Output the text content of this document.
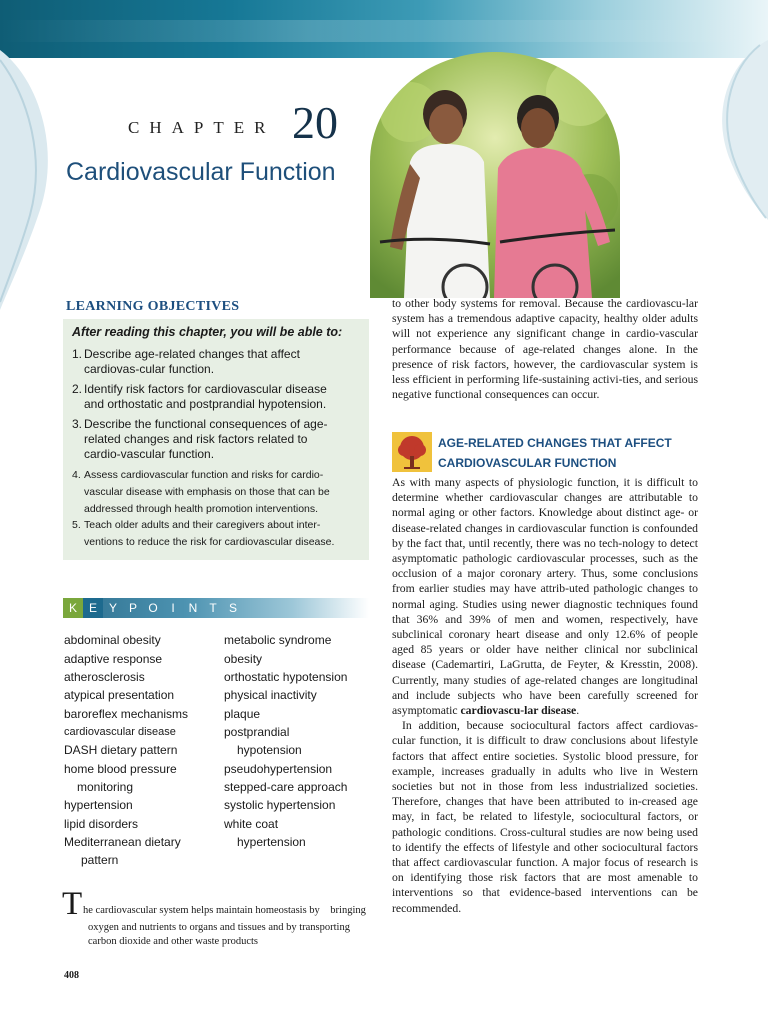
CHAPTER 20
Cardiovascular Function
LEARNING OBJECTIVES
After reading this chapter, you will be able to:
1. Describe age-related changes that affect
cardiovas-cular function.
2. Identify risk factors for cardiovascular disease
and orthostatic and postprandial hypotension.
3. Describe the functional consequences of age-
related changes and risk factors related to
cardio-vascular function.
4. Assess cardiovascular function and risks for cardio-
vascular disease with emphasis on those that can be
addressed through health promotion interventions.
5. Teach older adults and their caregivers about inter-
ventions to reduce the risk for cardiovascular disease.
K E Y P O I N T S
abdominal obesity
adaptive response
atherosclerosis
atypical presentation
baroreflex mechanisms
cardiovascular disease
DASH dietary pattern
home blood pressure
monitoring
hypertension
lipid disorders
Mediterranean dietary
pattern
metabolic syndrome
obesity
orthostatic hypotension
physical inactivity
plaque
postprandial
hypotension
pseudohypertension
stepped-care approach
systolic hypertension
white coat
hypertension
T he cardiovascular system helps maintain homeostasis by    bringing
oxygen and nutrients to organs and tissues and by transporting
carbon dioxide and other waste products
408

to other body systems for removal. Because the cardiovascu-lar system has a tremendous adaptive capacity, healthy older adults will not experience any significant change in cardio-vascular performance because of age-related changes alone. In the presence of risk factors, however, the cardiovascular system is less efficient in performing life-sustaining activi-ties, and serious negative functional consequences can occur.

AGE-RELATED CHANGES THAT AFFECT
CARDIOVASCULAR FUNCTION

As with many aspects of physiologic function, it is difficult to determine whether cardiovascular changes are attributable to normal aging or other factors. Knowledge about distinct age- or disease-related changes in cardiovascular function is confounded by the fact that, until recently, there was no tech-nology to detect asymptomatic pathologic cardiovascular processes, such as the occlusion of a major coronary artery. Thus, some conclusions from earlier studies may have attrib-uted pathologic changes to normal aging. Studies using newer diagnostic techniques found that 36% and 39% of men and women, respectively, have subclinical coronary heart disease and only 12.6% of people aged 85 years or older have neither clinical nor subclinical disease (Cademartiri, LaGrutta, de Feyter, & Kresstin, 2008). Currently, many studies of age-related changes are longitudinal and include subjects who have been carefully screened for asymptomatic cardiovascu-lar disease.

In addition, because sociocultural factors affect cardiovas-cular function, it is difficult to draw conclusions about lifestyle factors that affect entire societies. Systolic blood pressure, for example, increases gradually in adults who live in Western societies but not in those from less industrialized societies. Therefore, changes that have been attributed to in-creased age may, in fact, be related to lifestyle, sociocultural factors, or pathologic conditions. Cross-cultural studies are now being used to identify the effects of lifestyle and other sociocultural factors that affect cardiovascular function. A major focus of research is on identifying those risk factors that are most amenable to interventions so that evidence-based interventions can be recommended.
